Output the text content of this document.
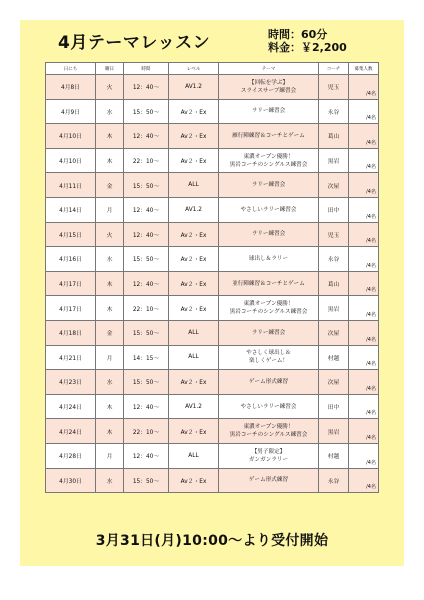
4月テーマレッスン	時間：60分
料金：￥2,200
日にち	曜日	時間	レベル	テーマ	コーチ	募集人数
4月8日	火	12：40〜	AV1.2	【回転を学ぶ】
スライスサーブ練習会	児玉	/4名

4月9日	水	15：50〜	Av２・Ex	ラリー練習会	永谷	/4名

4月10日	木	12：40〜	Av２・Ex	雁行陣練習＆コーチとゲーム	葛山	/4名

4月10日	木	22：10〜	Av２・Ex	東濃オープン優勝！
黒岩コーチのシングルス練習会	黒岩	/4名

4月11日	金	15：50〜	ALL	ラリー練習会	次屋	/4名

4月14日	月	12：40〜	AV1.2	やさしいラリー練習会	田中	/4名

4月15日	火	12：40〜	Av２・Ex	ラリー練習会	児玉	/4名

4月16日	水	15：50〜	Av２・Ex	球出し＆ラリー	永谷	/4名

4月17日	木	12：40〜	Av２・Ex	並行陣練習＆コーチとゲーム	葛山	/4名

4月17日	木	22：10〜	Av２・Ex	東濃オープン優勝！
黒岩コーチのシングルス練習会	黒岩	/4名

4月18日	金	15：50〜	ALL	ラリー練習会	次屋	/4名

4月21日	月	14：15〜	ALL	やさしく球出し＆
楽しくゲーム！	村越	/4名

4月23日	水	15：50〜	Av２・Ex	ゲーム形式練習	次屋	/4名

4月24日	木	12：40〜	AV1.2	やさしいラリー練習会	田中	/4名

4月24日	木	22：10〜	Av２・Ex	東濃オープン優勝！
黒岩コーチのシングルス練習会	黒岩	/4名

4月28日	月	12：40〜	ALL	【男子限定】
ガンガンラリー	村越	/4名

4月30日	水	15：50〜	Av２・Ex	ゲーム形式練習	永谷	/4名
3月31日(月)10:00〜より受付開始
